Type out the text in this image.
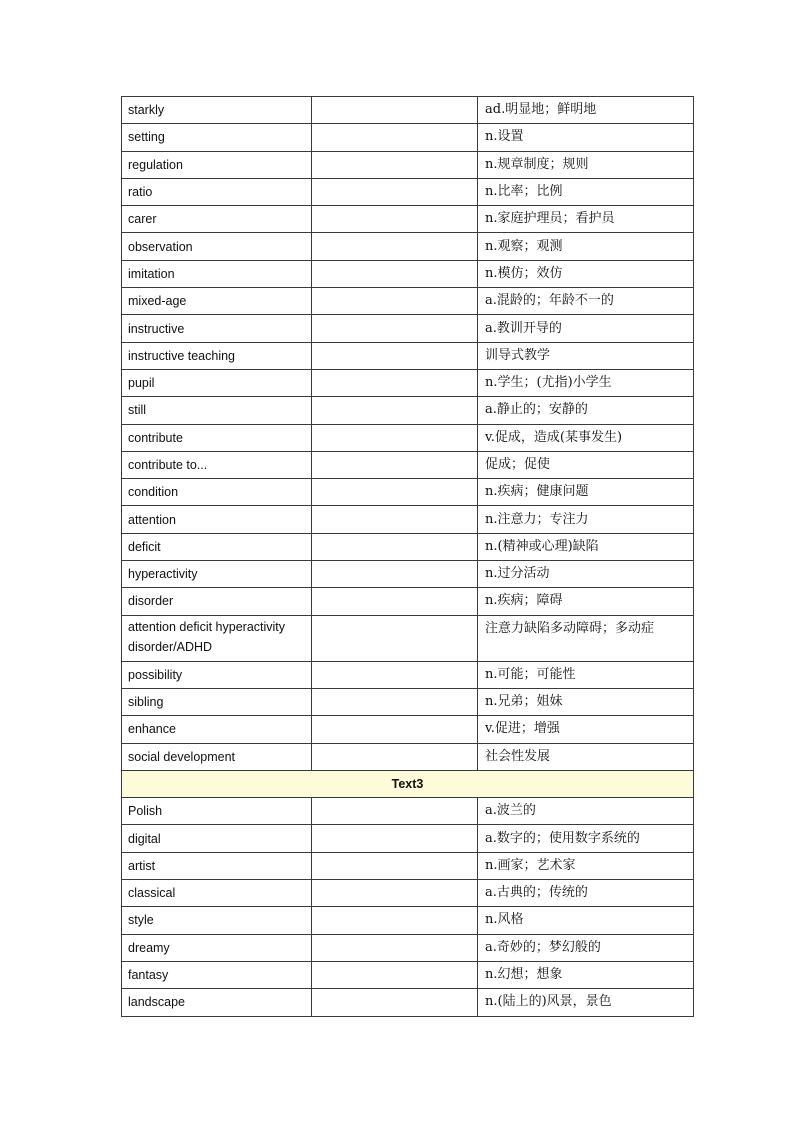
starkly		ad.明显地；鲜明地
setting		n.设置
regulation		n.规章制度；规则
ratio		n.比率；比例
carer		n.家庭护理员；看护员
observation		n.观察；观测
imitation		n.模仿；效仿
mixed-age		a.混龄的；年龄不一的
instructive		a.教训开导的
instructive teaching		训导式教学
pupil		n.学生；(尤指)小学生
still		a.静止的；安静的
contribute		v.促成，造成(某事发生)
contribute to...		促成；促使
condition		n.疾病；健康问题
attention		n.注意力；专注力
deficit		n.(精神或心理)缺陷
hyperactivity		n.过分活动
disorder		n.疾病；障碍
attention deficit hyperactivity disorder/ADHD		注意力缺陷多动障碍；多动症
possibility		n.可能；可能性
sibling		n.兄弟；姐妹
enhance		v.促进；增强
social development		社会性发展
Text3		
Polish		a.波兰的
digital		a.数字的；使用数字系统的
artist		n.画家；艺术家
classical		a.古典的；传统的
style		n.风格
dreamy		a.奇妙的；梦幻般的
fantasy		n.幻想；想象
landscape		n.(陆上的)风景，景色
